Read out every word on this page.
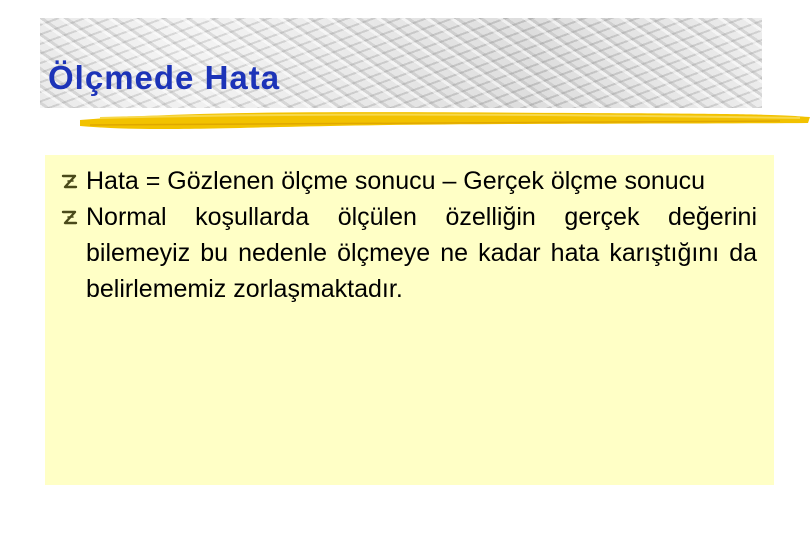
Ölçmede Hata
Hata = Gözlenen ölçme sonucu – Gerçek ölçme sonucu
Normal koşullarda ölçülen özelliğin gerçek değerini bilemeyiz bu nedenle ölçmeye ne kadar hata karıştığını da belirlememiz zorlaşmaktadır.
